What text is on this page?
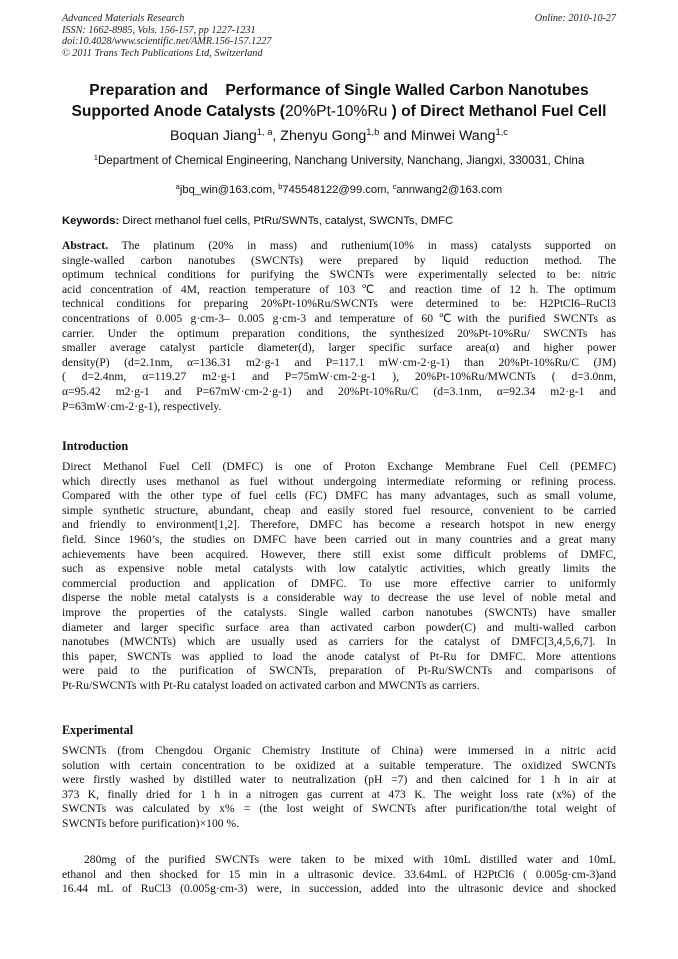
Advanced Materials Research
ISSN: 1662-8985, Vols. 156-157, pp 1227-1231
doi:10.4028/www.scientific.net/AMR.156-157.1227
© 2011 Trans Tech Publications Ltd, Switzerland
Online: 2010-10-27
Preparation and Performance of Single Walled Carbon Nanotubes
Supported Anode Catalysts (20%Pt-10%Ru ) of Direct Methanol Fuel Cell
Boquan Jiang$^{1, a}$, Zhenyu Gong$^{1,b}$ and Minwei Wang$^{1,c}$
$^1$Department of Chemical Engineering, Nanchang University, Nanchang, Jiangxi, 330031, China
$^a$jbq_win@163.com, $^b$745548122@99.com, $^c$annwang2@163.com
Keywords: Direct methanol fuel cells, PtRu/SWNTs, catalyst, SWCNTs, DMFC
Abstract. The platinum (20% in mass) and ruthenium(10% in mass) catalysts supported on
single-walled carbon nanotubes (SWCNTs) were prepared by liquid reduction method. The
optimum technical conditions for purifying the SWCNTs were experimentally selected to be: nitric
acid concentration of 4M, reaction temperature of 103℃ and reaction time of 12 h. The optimum
technical conditions for preparing 20%Pt-10%Ru/SWCNTs were determined to be: H2PtCl6–RuCl3
concentrations of 0.005 g·cm-3– 0.005 g·cm-3 and temperature of 60℃with the purified SWCNTs as
carrier. Under the optimum preparation conditions, the synthesized 20%Pt-10%Ru/ SWCNTs has
smaller average catalyst particle diameter(d), larger specific surface area(α) and higher power
density(P) (d=2.1nm, α=136.31 m2·g-1 and P=117.1 mW·cm-2·g-1) than 20%Pt-10%Ru/C (JM)
( d=2.4nm, α=119.27 m2·g-1 and P=75mW·cm-2·g-1 ), 20%Pt-10%Ru/MWCNTs ( d=3.0nm,
α=95.42 m2·g-1 and P=67mW·cm-2·g-1) and 20%Pt-10%Ru/C (d=3.1nm, α=92.34 m2·g-1 and
P=63mW·cm-2·g-1), respectively.
Introduction
Direct Methanol Fuel Cell (DMFC) is one of Proton Exchange Membrane Fuel Cell (PEMFC)
which directly uses methanol as fuel without undergoing intermediate reforming or refining process.
Compared with the other type of fuel cells (FC) DMFC has many advantages, such as small volume,
simple synthetic structure, abundant, cheap and easily stored fuel resource, convenient to be carried
and friendly to environment[1,2]. Therefore, DMFC has become a research hotspot in new energy
field. Since 1960’s, the studies on DMFC have been carried out in many countries and a great many
achievements have been acquired. However, there still exist some difficult problems of DMFC,
such as expensive noble metal catalysts with low catalytic activities, which greatly limits the
commercial production and application of DMFC. To use more effective carrier to uniformly
disperse the noble metal catalysts is a considerable way to decrease the use level of noble metal and
improve the properties of the catalysts. Single walled carbon nanotubes (SWCNTs) have smaller
diameter and larger specific surface area than activated carbon powder(C) and multi-walled carbon
nanotubes (MWCNTs) which are usually used as carriers for the catalyst of DMFC[3,4,5,6,7]. In
this paper, SWCNTs was applied to load the anode catalyst of Pt-Ru for DMFC. More attentions
were paid to the purification of SWCNTs, preparation of Pt-Ru/SWCNTs and comparisons of
Pt-Ru/SWCNTs with Pt-Ru catalyst loaded on activated carbon and MWCNTs as carriers.
Experimental
SWCNTs (from Chengdou Organic Chemistry Institute of China) were immersed in a nitric acid
solution with certain concentration to be oxidized at a suitable temperature. The oxidized SWCNTs
were firstly washed by distilled water to neutralization (pH =7) and then calcined for 1 h in air at
373 K, finally dried for 1 h in a nitrogen gas current at 473 K. The weight loss rate (x%) of the
SWCNTs was calculated by x% = (the lost weight of SWCNTs after purification/the total weight of
SWCNTs before purification)×100 %.
280mg of the purified SWCNTs were taken to be mixed with 10mL distilled water and 10mL
ethanol and then shocked for 15 min in a ultrasonic device. 33.64mL of H2PtCl6 ( 0.005g·cm-3)and
16.44 mL of RuCl3 (0.005g·cm-3) were, in succession, added into the ultrasonic device and shocked
